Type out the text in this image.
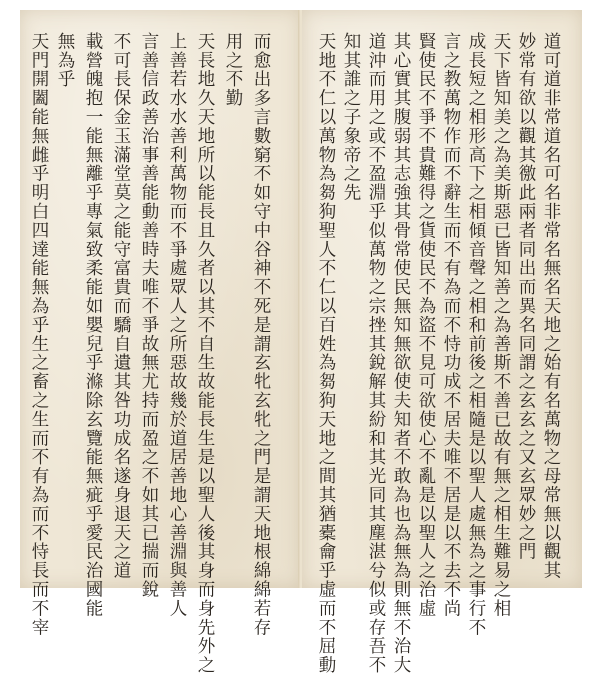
而愈出多言數窮不如守中谷神不死是謂玄牝玄牝之門是謂天地根綿綿若存
用之不勤
天長地久天地所以能長且久者以其不自生故能長生是以聖人後其身而身先外之
上善若水水善利萬物而不爭處眾人之所惡故幾於道居善地心善淵與善人
言善信政善治事善能動善時夫唯不爭故無尤持而盈之不如其已揣而銳
不可長保金玉滿堂莫之能守富貴而驕自遺其咎功成名遂身退天之道
載營魄抱一能無離乎專氣致柔能如嬰兒乎滌除玄覽能無疵乎愛民治國能
無為乎
天門開闔能無雌乎明白四達能無為乎生之畜之生而不有為而不恃長而不宰	道可道非常道名可名非常名無名天地之始有名萬物之母常無以觀其
妙常有欲以觀其徼此兩者同出而異名同謂之玄玄之又玄眾妙之門
天下皆知美之為美斯惡已皆知善之為善斯不善已故有無之相生難易之相
成長短之相形高下之相傾音聲之相和前後之相隨是以聖人處無為之事行不
言之教萬物作而不辭生而不有為而不恃功成不居夫唯不居是以不去不尚
賢使民不爭不貴難得之貨使民不為盜不見可欲使心不亂是以聖人之治虛
其心實其腹弱其志強其骨常使民無知無欲使夫知者不敢為也為無為則無不治大
道沖而用之或不盈淵乎似萬物之宗挫其銳解其紛和其光同其塵湛兮似或存吾不
知其誰之子象帝之先
天地不仁以萬物為芻狗聖人不仁以百姓為芻狗天地之間其猶橐龠乎虛而不屈動
